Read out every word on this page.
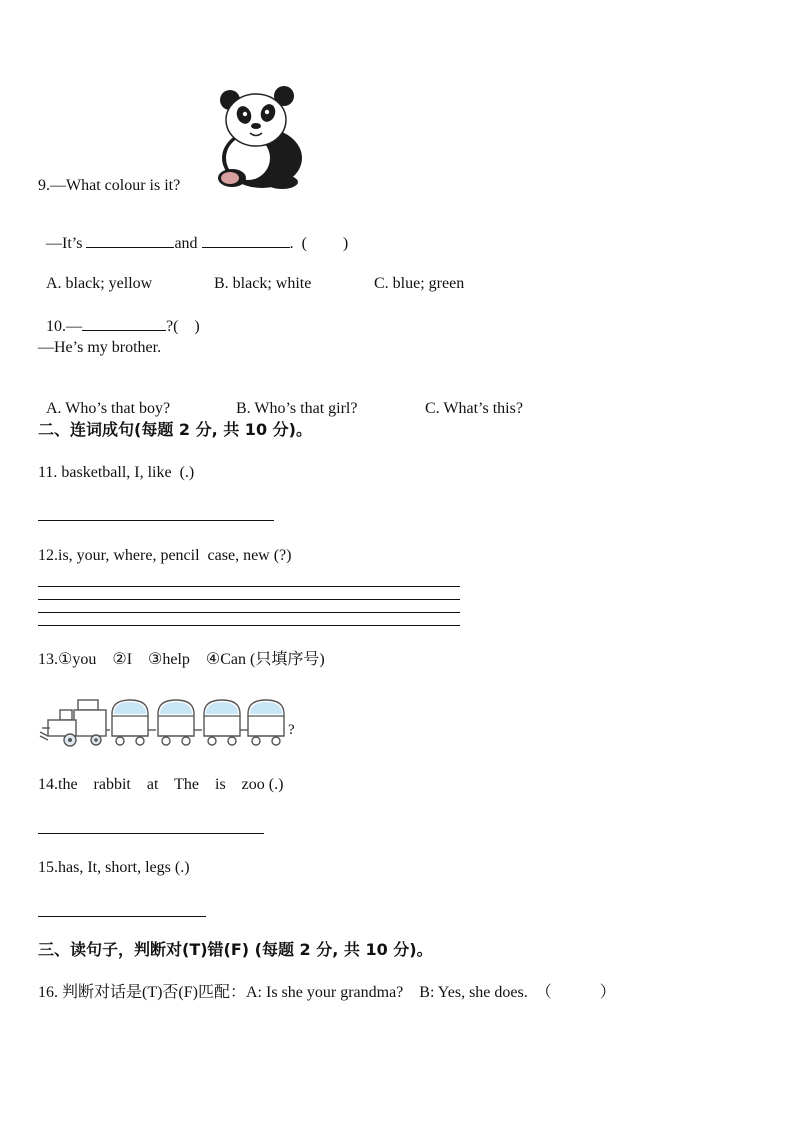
9.—What colour is it?

—It’s	and	.  (         )

A. black; yellow	B. black; white	C. blue; green

10.—	?(    )

—He’s my brother.

A. Who’s that boy?	B. Who’s that girl?	C. What’s this?

二、连词成句(每题 2 分, 共 10 分)。
11. basketball, I, like  (.)
12.is, your, where, pencil  case, new (?)
13.①you    ②I    ③help    ④Can (只填序号)
?
14.the    rabbit    at    The    is    zoo (.)
15.has, It, short, legs (.)
三、读句子，判断对(T)错(F) (每题 2 分, 共 10 分)。
16. 判断对话是(T)否(F)匹配：A: Is she your grandma?    B: Yes, she does.  （            ）
